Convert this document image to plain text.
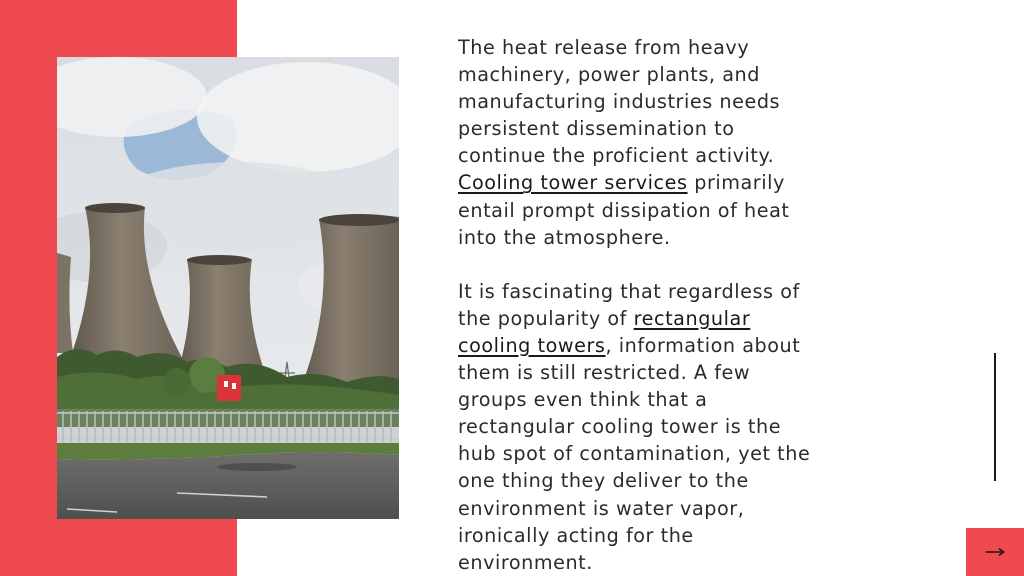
The heat release from heavy machinery, power plants, and manufacturing industries needs persistent dissemination to continue the proficient activity. Cooling tower services primarily entail prompt dissipation of heat into the atmosphere.

It is fascinating that regardless of the popularity of rectangular cooling towers, information about them is still restricted. A few groups even think that a rectangular cooling tower is the hub spot of contamination, yet the one thing they deliver to the environment is water vapor, ironically acting for the environment.
